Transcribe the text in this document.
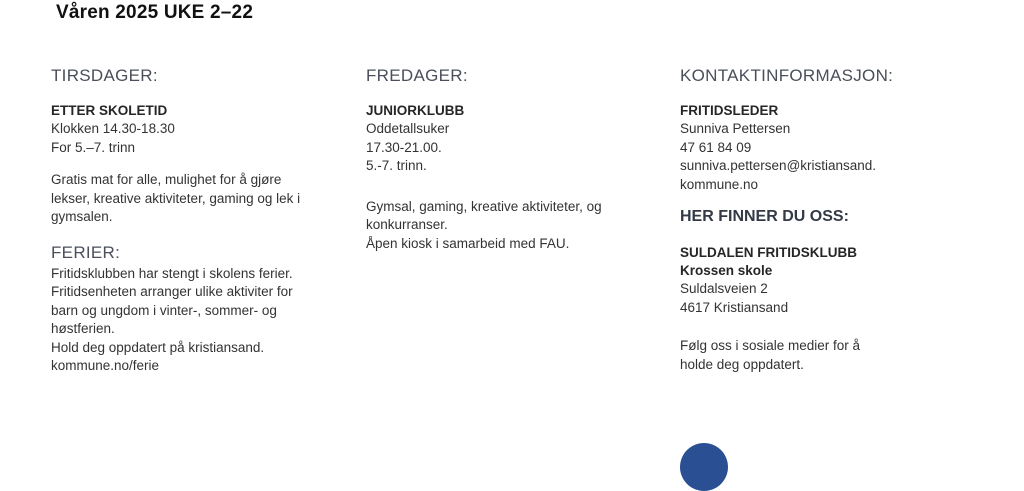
Våren 2025 UKE 2–22
TIRSDAGER:

ETTER SKOLETID

Klokken 14.30-18.30

For 5.–7. trinn

Gratis mat for alle, mulighet for å gjøre

lekser, kreative aktiviteter, gaming og lek i

gymsalen.

FERIER:

Fritidsklubben har stengt i skolens ferier.

Fritidsenheten arranger ulike aktiviter for

barn og ungdom i vinter-, sommer- og

høstferien.

Hold deg oppdatert på kristiansand.

kommune.no/ferie

FREDAGER:

JUNIORKLUBB

Oddetallsuker

17.30-21.00.

5.-7. trinn.

Gymsal, gaming, kreative aktiviteter, og

konkurranser.

Åpen kiosk i samarbeid med FAU.

KONTAKTINFORMASJON:

FRITIDSLEDER

Sunniva Pettersen

47 61 84 09

sunniva.pettersen@kristiansand.

kommune.no

HER FINNER DU OSS:

SULDALEN FRITIDSKLUBB

Krossen skole

Suldalsveien 2

4617 Kristiansand

Følg oss i sosiale medier for å

holde deg oppdatert.
